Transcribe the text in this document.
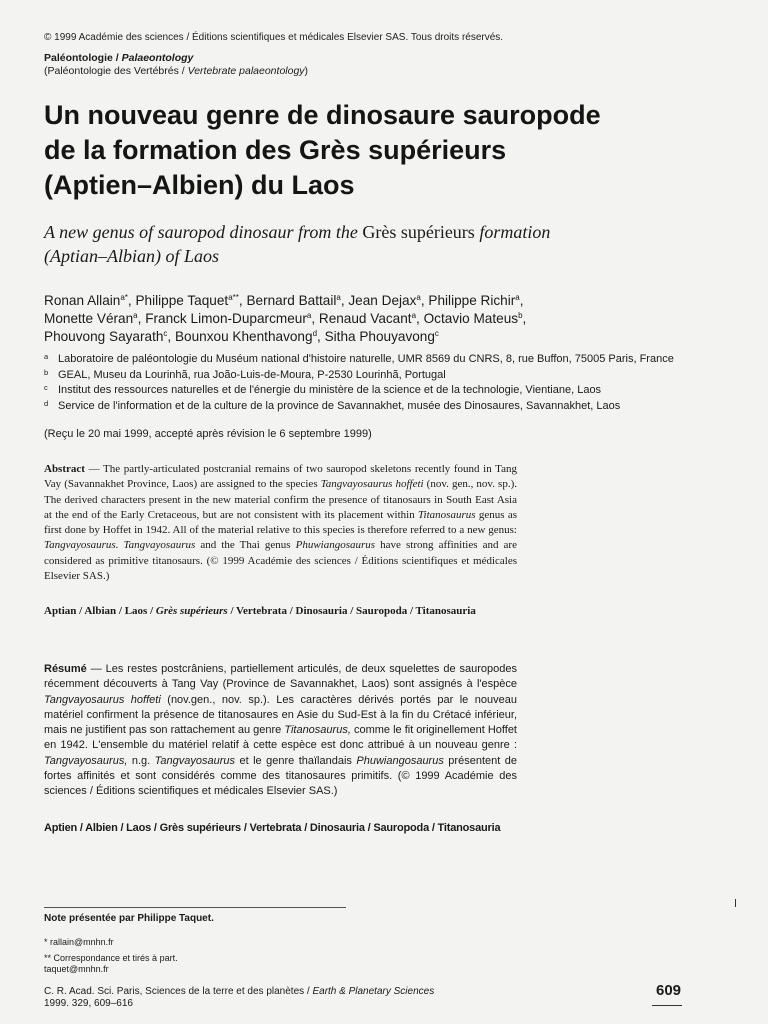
© 1999 Académie des sciences / Éditions scientifiques et médicales Elsevier SAS. Tous droits réservés.
Paléontologie / Palaeontology
(Paléontologie des Vertébrés / Vertebrate palaeontology)
Un nouveau genre de dinosaure sauropode
de la formation des Grès supérieurs
(Aptien–Albien) du Laos
A new genus of sauropod dinosaur from the Grès supérieurs formation
(Aptian–Albian) of Laos
Ronan Allain$^{a*}$, Philippe Taquet$^{a**}$, Bernard Battail$^a$, Jean Dejax$^a$, Philippe Richir$^a$,
Monette Véran$^a$, Franck Limon-Duparcmeur$^a$, Renaud Vacant$^a$, Octavio Mateus$^b$,
Phouvong Sayarath$^c$, Bounxou Khenthavong$^d$, Sitha Phouyavong$^c$
a Laboratoire de paléontologie du Muséum national d'histoire naturelle, UMR 8569 du CNRS, 8, rue Buffon, 75005 Paris, France
b GEAL, Museu da Lourinhã, rua João-Luis-de-Moura, P-2530 Lourinhã, Portugal
c Institut des ressources naturelles et de l'énergie du ministère de la science et de la technologie, Vientiane, Laos
d Service de l'information et de la culture de la province de Savannakhet, musée des Dinosaures, Savannakhet, Laos
(Reçu le 20 mai 1999, accepté après révision le 6 septembre 1999)

Abstract — The partly-articulated postcranial remains of two sauropod skeletons recently found in Tang Vay (Savannakhet Province, Laos) are assigned to the species Tangvayosaurus hoffeti (nov. gen., nov. sp.). The derived characters present in the new material confirm the presence of titanosaurs in South East Asia at the end of the Early Cretaceous, but are not consistent with its placement within Titanosaurus genus as first done by Hoffet in 1942. All of the material relative to this species is therefore referred to a new genus: Tangvayosaurus. Tangvayosaurus and the Thai genus Phuwiangosaurus have strong affinities and are considered as primitive titanosaurs. (© 1999 Académie des sciences / Éditions scientifiques et médicales Elsevier SAS.)

Aptian / Albian / Laos / Grès supérieurs / Vertebrata / Dinosauria / Sauropoda / Titanosauria

Résumé — Les restes postcrâniens, partiellement articulés, de deux squelettes de sauropodes récemment découverts à Tang Vay (Province de Savannakhet, Laos) sont assignés à l'espèce Tangvayosaurus hoffeti (nov.gen., nov. sp.). Les caractères dérivés portés par le nouveau matériel confirment la présence de titanosaures en Asie du Sud-Est à la fin du Crétacé inférieur, mais ne justifient pas son rattachement au genre Titanosaurus, comme le fit originellement Hoffet en 1942. L'ensemble du matériel relatif à cette espèce est donc attribué à un nouveau genre : Tangvayosaurus, n.g. Tangvayosaurus et le genre thaïlandais Phuwiangosaurus présentent de fortes affinités et sont considérés comme des titanosaures primitifs. (© 1999 Académie des sciences / Éditions scientifiques et médicales Elsevier SAS.)

Aptien / Albien / Laos / Grès supérieurs / Vertebrata / Dinosauria / Sauropoda / Titanosauria
Note présentée par Philippe Taquet.
* rallain@mnhn.fr
** Correspondance et tirés à part.
taquet@mnhn.fr
C. R. Acad. Sci. Paris, Sciences de la terre et des planètes / Earth & Planetary Sciences
1999. 329, 609–616
609
